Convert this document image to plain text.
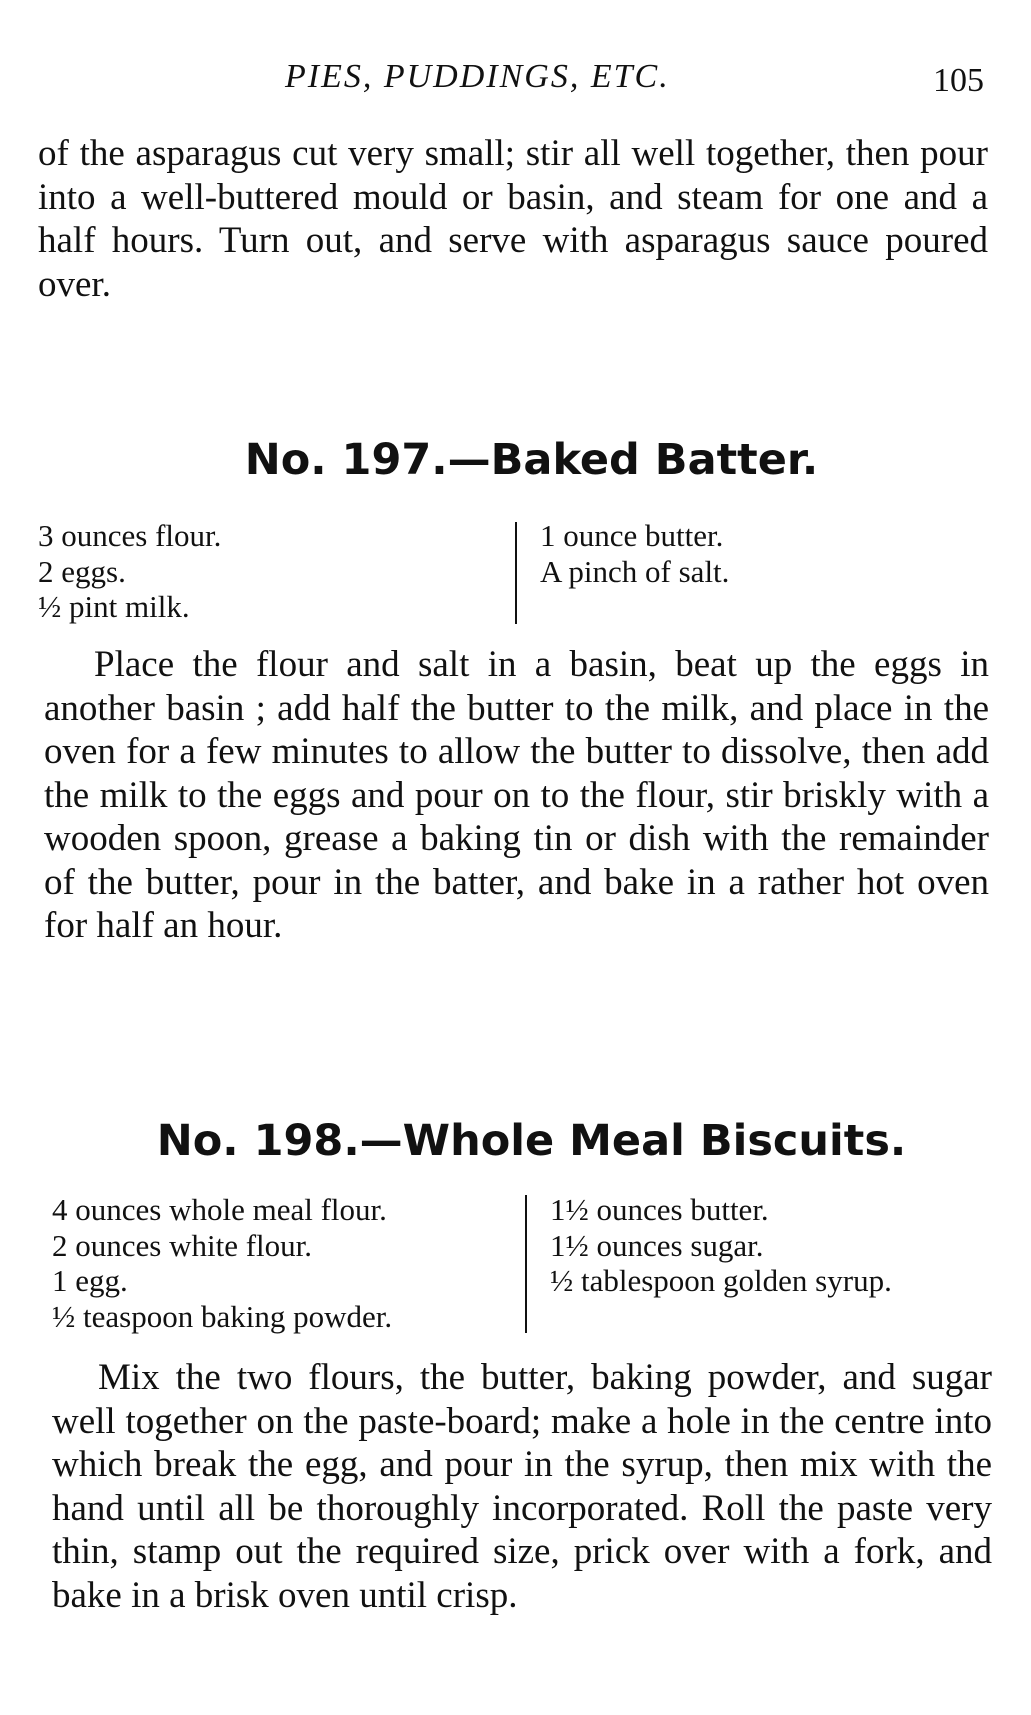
PIES, PUDDINGS, ETC.	105

of the asparagus cut very small; stir all well together, then pour into a well-buttered mould or basin, and steam for one and a half hours. Turn out, and serve with asparagus sauce poured over.

No. 197.—Baked Batter.
3 ounces flour.
2 eggs.
½ pint milk.
1 ounce butter.
A pinch of salt.

Place the flour and salt in a basin, beat up the eggs in another basin ; add half the butter to the milk, and place in the oven for a few minutes to allow the butter to dissolve, then add the milk to the eggs and pour on to the flour, stir briskly with a wooden spoon, grease a baking tin or dish with the remainder of the butter, pour in the batter, and bake in a rather hot oven for half an hour.

No. 198.—Whole Meal Biscuits.
4 ounces whole meal flour.
2 ounces white flour.
1 egg.
½ teaspoon baking powder.
1½ ounces butter.
1½ ounces sugar.
½ tablespoon golden syrup.

Mix the two flours, the butter, baking powder, and sugar well together on the paste-board; make a hole in the centre into which break the egg, and pour in the syrup, then mix with the hand until all be thoroughly incorporated. Roll the paste very thin, stamp out the required size, prick over with a fork, and bake in a brisk oven until crisp.
